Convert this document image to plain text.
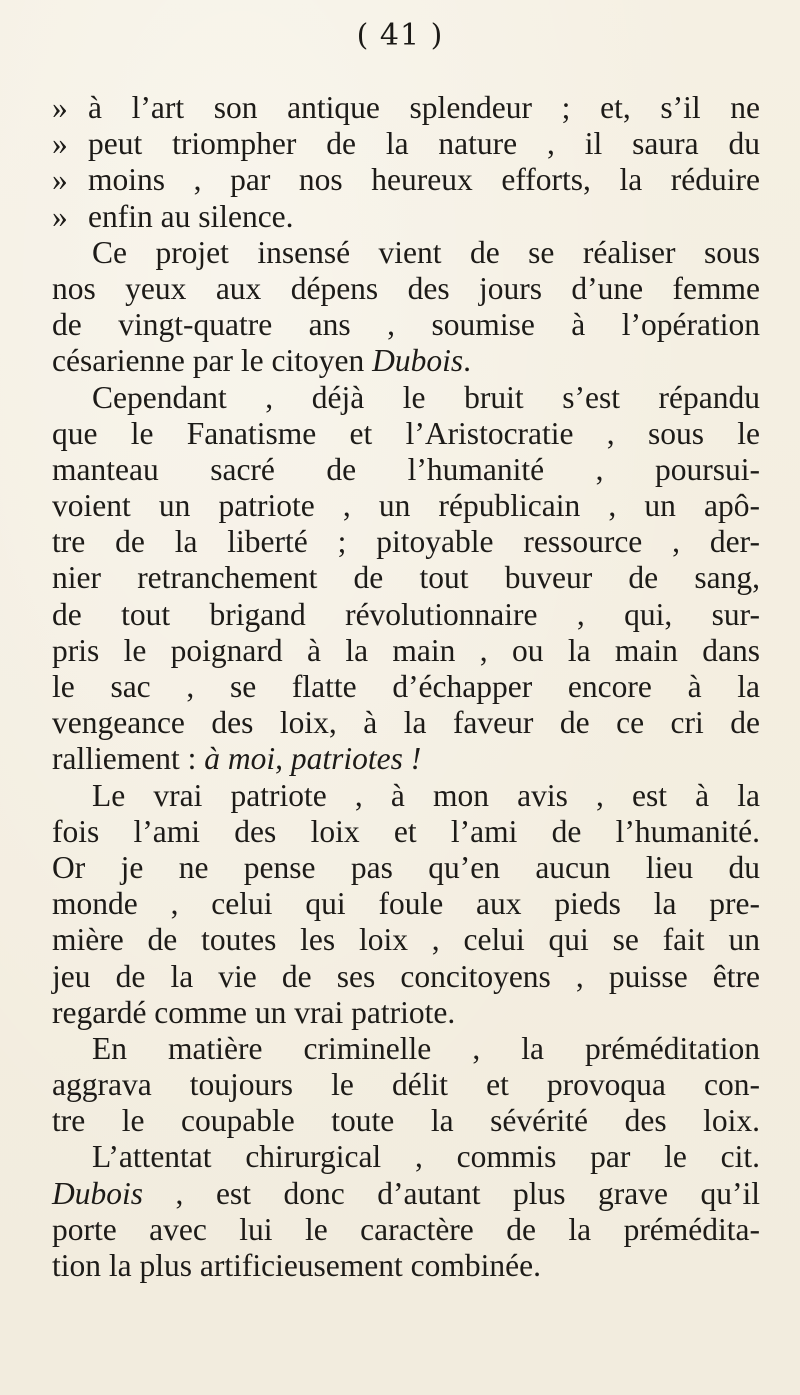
( 41 )
» à l’art son antique splendeur ; et, s’il ne
» peut triompher de la nature , il saura du
» moins , par nos heureux efforts, la réduire
» enfin au silence.
Ce projet insensé vient de se réaliser sous
nos yeux aux dépens des jours d’une femme
de vingt-quatre ans , soumise à l’opération
césarienne par le citoyen Dubois.
Cependant , déjà le bruit s’est répandu
que le Fanatisme et l’Aristocratie , sous le
manteau sacré de l’humanité , poursui-
voient un patriote , un républicain , un apô-
tre de la liberté ; pitoyable ressource , der-
nier retranchement de tout buveur de sang,
de tout brigand révolutionnaire , qui, sur-
pris le poignard à la main , ou la main dans
le sac , se flatte d’échapper encore à la
vengeance des loix, à la faveur de ce cri de
ralliement : à moi, patriotes !
Le vrai patriote , à mon avis , est à la
fois l’ami des loix et l’ami de l’humanité.
Or je ne pense pas qu’en aucun lieu du
monde , celui qui foule aux pieds la pre-
mière de toutes les loix , celui qui se fait un
jeu de la vie de ses concitoyens , puisse être
regardé comme un vrai patriote.
En matière criminelle , la préméditation
aggrava toujours le délit et provoqua con-
tre le coupable toute la sévérité des loix.
L’attentat chirurgical , commis par le cit.
Dubois , est donc d’autant plus grave qu’il
porte avec lui le caractère de la prémédita-
tion la plus artificieusement combinée.
